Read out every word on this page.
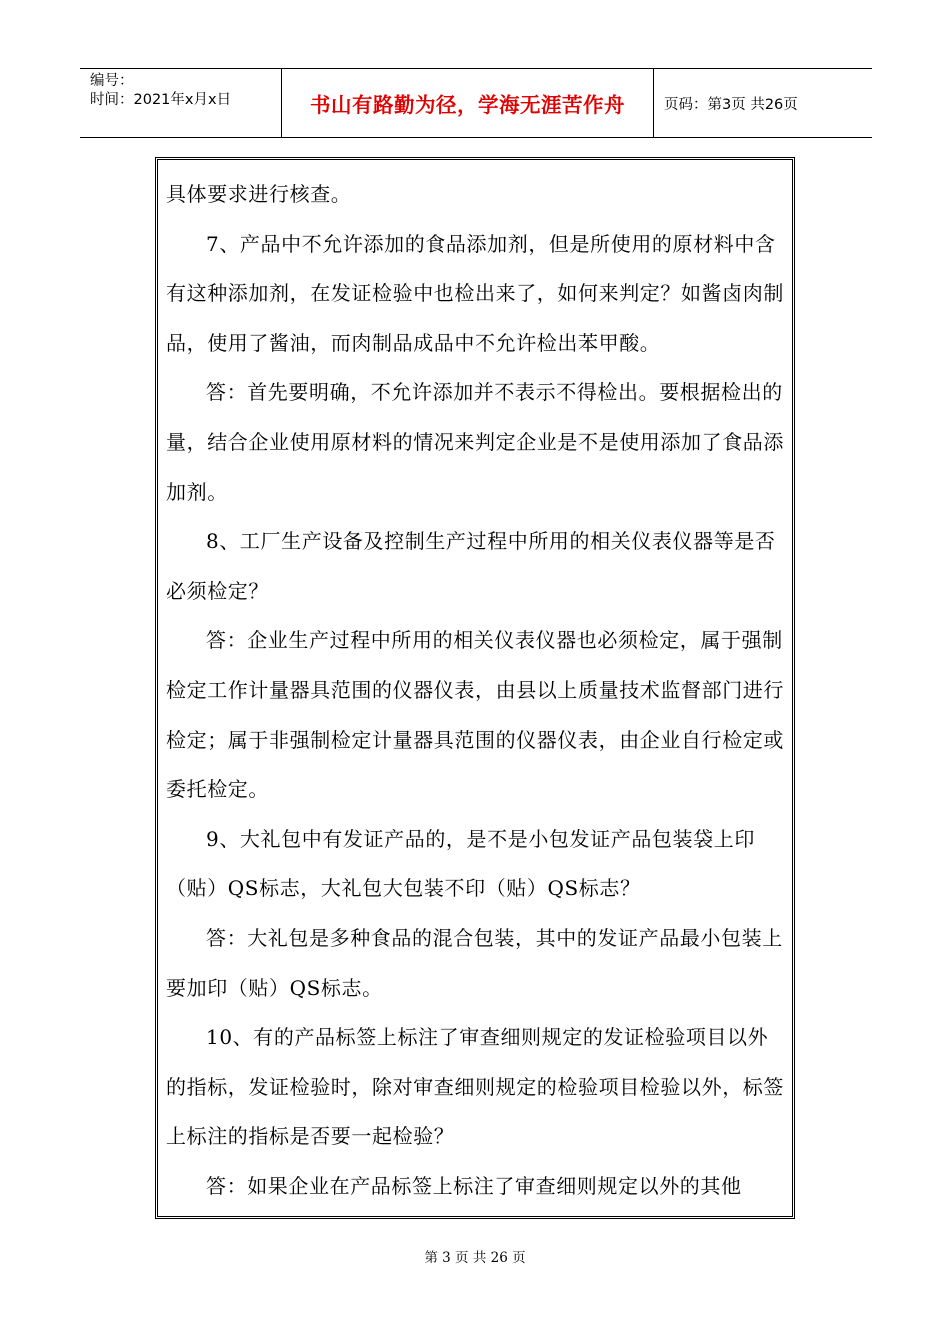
编号：
时间：2021年x月x日	书山有路勤为径，学海无涯苦作舟	页码：第3页 共26页

具体要求进行核查。

7、产品中不允许添加的食品添加剂，但是所使用的原材料中含有这种添加剂，在发证检验中也检出来了，如何来判定？如酱卤肉制品，使用了酱油，而肉制品成品中不允许检出苯甲酸。

答：首先要明确，不允许添加并不表示不得检出。要根据检出的量，结合企业使用原材料的情况来判定企业是不是使用添加了食品添加剂。

8、工厂生产设备及控制生产过程中所用的相关仪表仪器等是否必须检定？

答：企业生产过程中所用的相关仪表仪器也必须检定，属于强制检定工作计量器具范围的仪器仪表，由县以上质量技术监督部门进行检定；属于非强制检定计量器具范围的仪器仪表，由企业自行检定或委托检定。

9、大礼包中有发证产品的，是不是小包发证产品包装袋上印（贴）QS标志，大礼包大包装不印（贴）QS标志？

答：大礼包是多种食品的混合包装，其中的发证产品最小包装上要加印（贴）QS标志。

10、有的产品标签上标注了审查细则规定的发证检验项目以外的指标，发证检验时，除对审查细则规定的检验项目检验以外，标签上标注的指标是否要一起检验？

答：如果企业在产品标签上标注了审查细则规定以外的其他

第 3 页 共 26 页
